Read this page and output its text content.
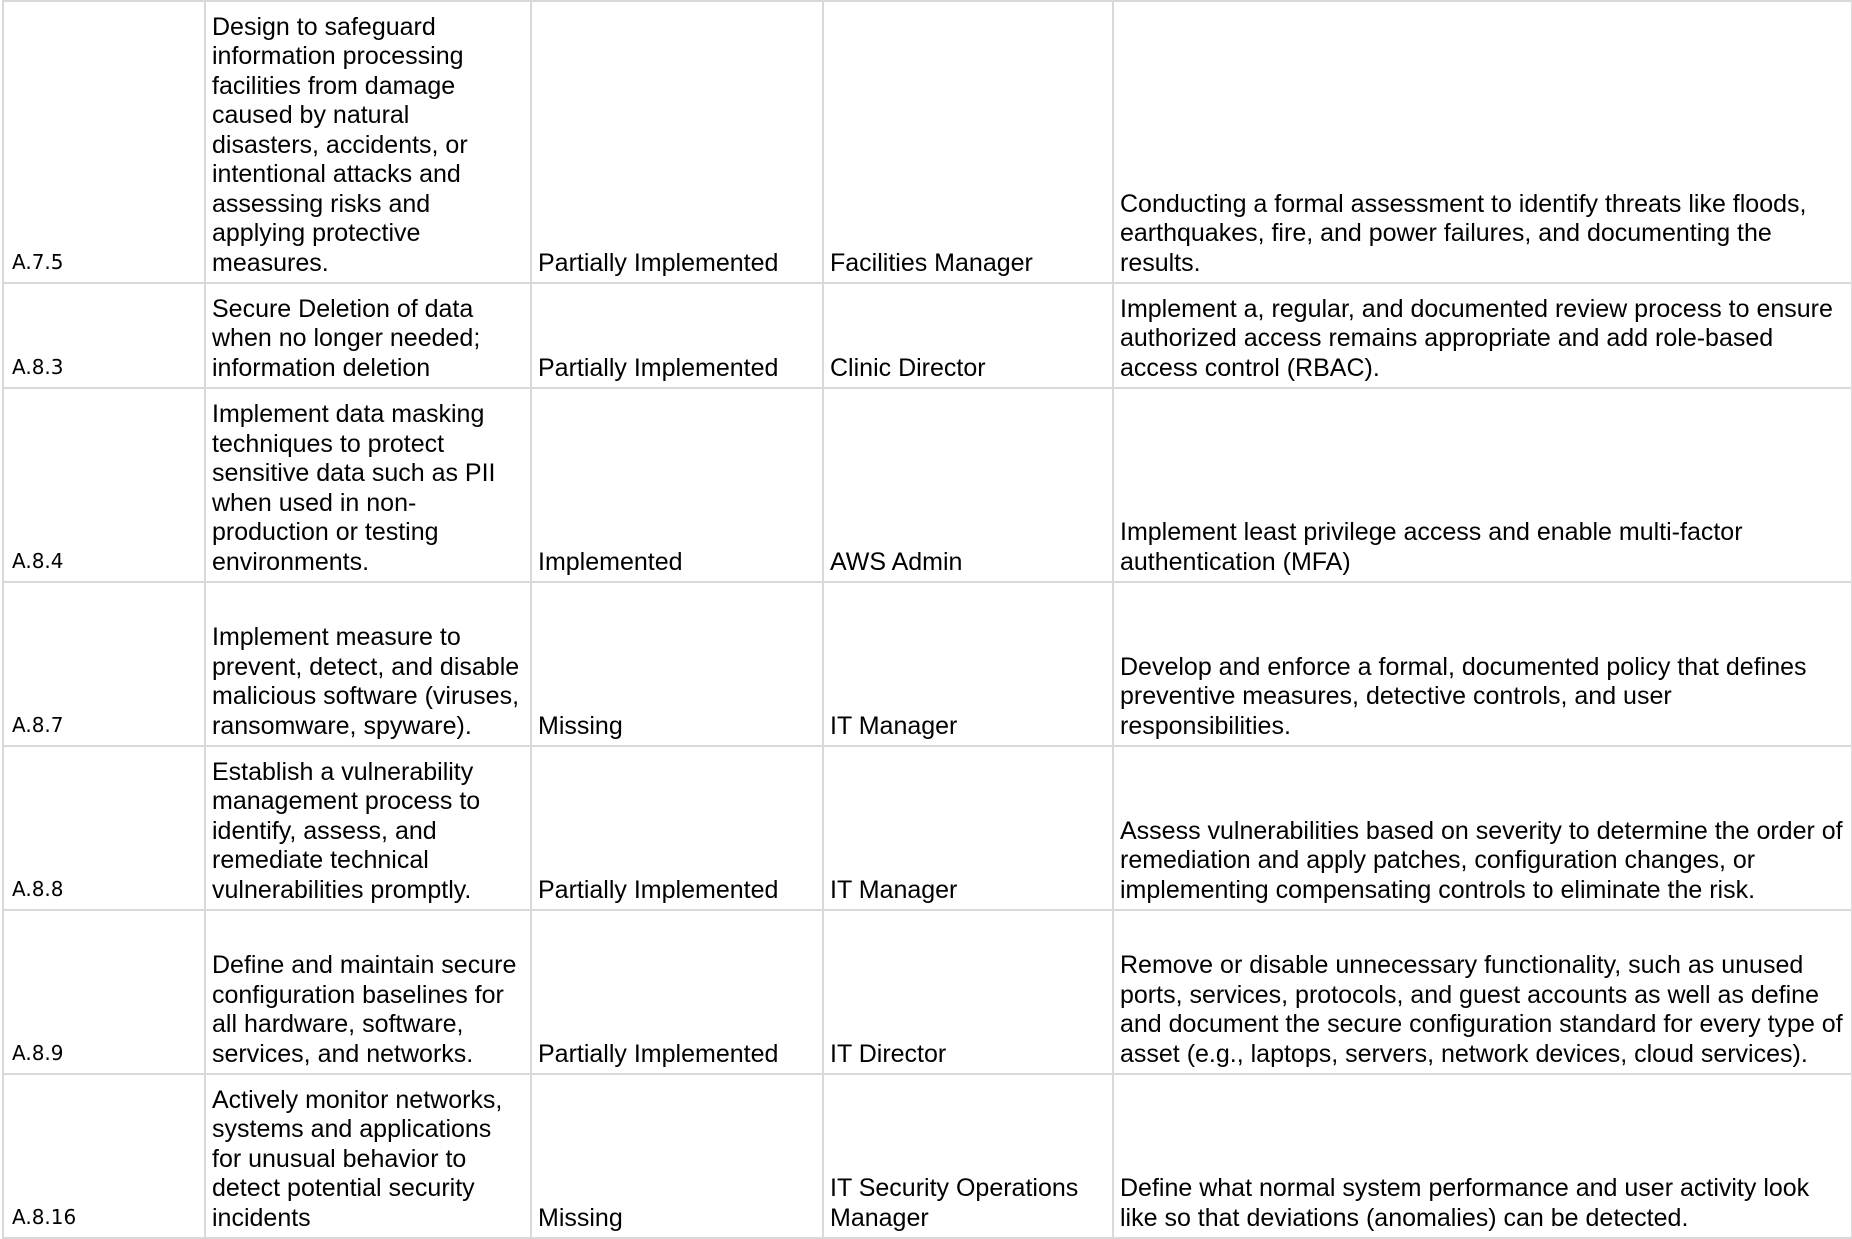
A.7.5	Design to safeguard information processing facilities from damage caused by natural disasters, accidents, or intentional attacks and assessing risks and applying protective measures.	Partially Implemented	Facilities Manager	Conducting a formal assessment to identify threats like floods, earthquakes, fire, and power failures, and documenting the results.
A.8.3	Secure Deletion of data when no longer needed; information deletion	Partially Implemented	Clinic Director	Implement a, regular, and documented review process to ensure authorized access remains appropriate and add role-based access control (RBAC).
A.8.4	Implement data masking techniques to protect sensitive data such as PII when used in non-production or testing environments.	Implemented	AWS Admin	Implement least privilege access and enable multi-factor authentication (MFA)
A.8.7	Implement measure to prevent, detect, and disable malicious software (viruses, ransomware, spyware).	Missing	IT Manager	Develop and enforce a formal, documented policy that defines preventive measures, detective controls, and user responsibilities.
A.8.8	Establish a vulnerability management process to identify, assess, and remediate technical vulnerabilities promptly.	Partially Implemented	IT Manager	Assess vulnerabilities based on severity to determine the order of remediation and apply patches, configuration changes, or implementing compensating controls to eliminate the risk.
A.8.9	Define and maintain secure configuration baselines for all hardware, software, services, and networks.	Partially Implemented	IT Director	Remove or disable unnecessary functionality, such as unused ports, services, protocols, and guest accounts as well as define and document the secure configuration standard for every type of asset (e.g., laptops, servers, network devices, cloud services).
A.8.16	Actively monitor networks, systems and applications for unusual behavior to detect potential security incidents	Missing	IT Security Operations Manager	Define what normal system performance and user activity look like so that deviations (anomalies) can be detected.
